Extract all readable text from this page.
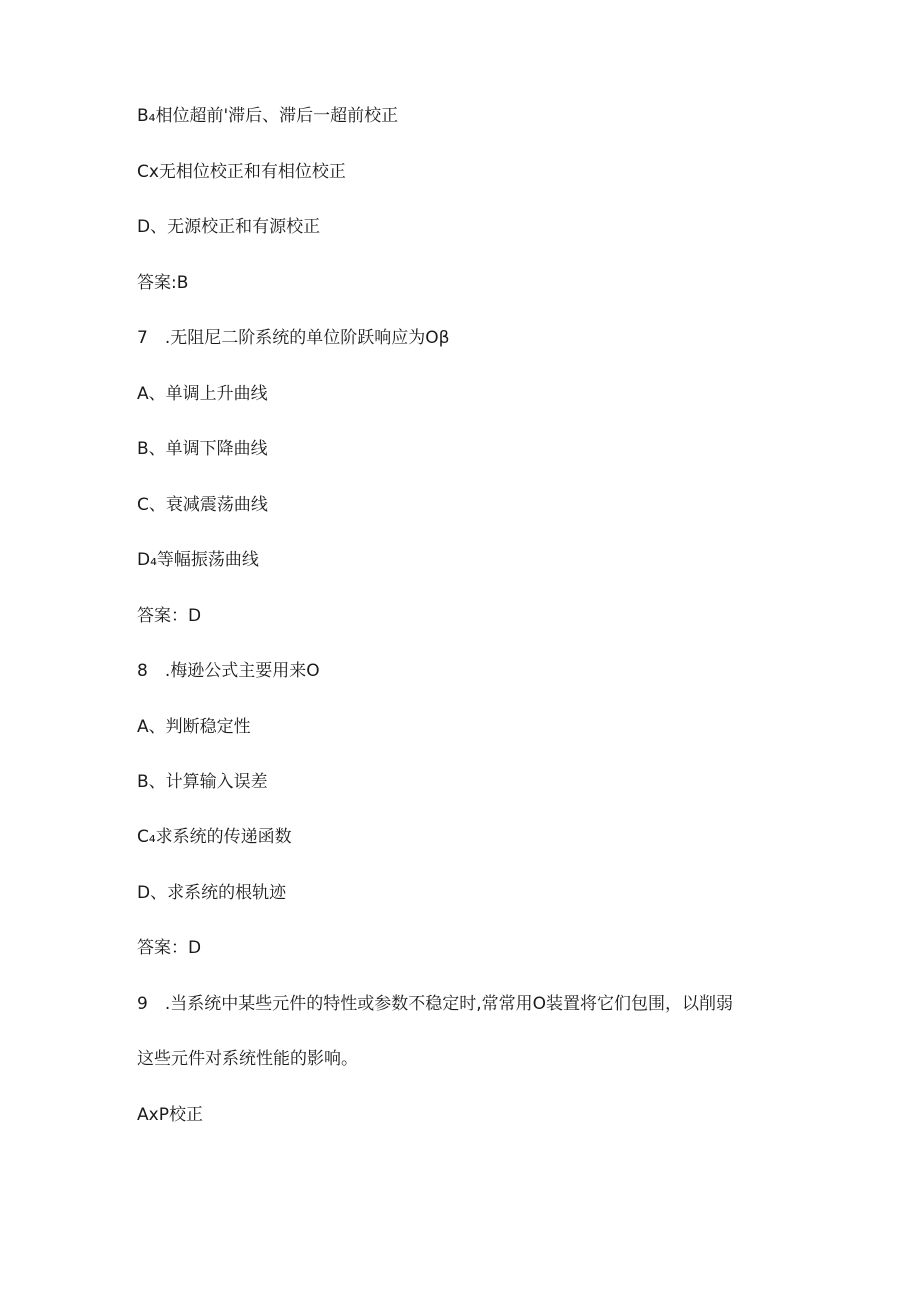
B₄相位超前'滞后、滞后一超前校正
Cx无相位校正和有相位校正
D、无源校正和有源校正
答案:B
7　.无阻尼二阶系统的单位阶跃响应为Oβ
A、单调上升曲线
B、单调下降曲线
C、衰减震荡曲线
D₄等幅振荡曲线
答案：D
8　.梅逊公式主要用来O
A、判断稳定性
B、计算输入误差
C₄求系统的传递函数
D、求系统的根轨迹
答案：D
9　.当系统中某些元件的特性或参数不稳定时,常常用O装置将它们包围，以削弱
这些元件对系统性能的影响。
AxP校正
